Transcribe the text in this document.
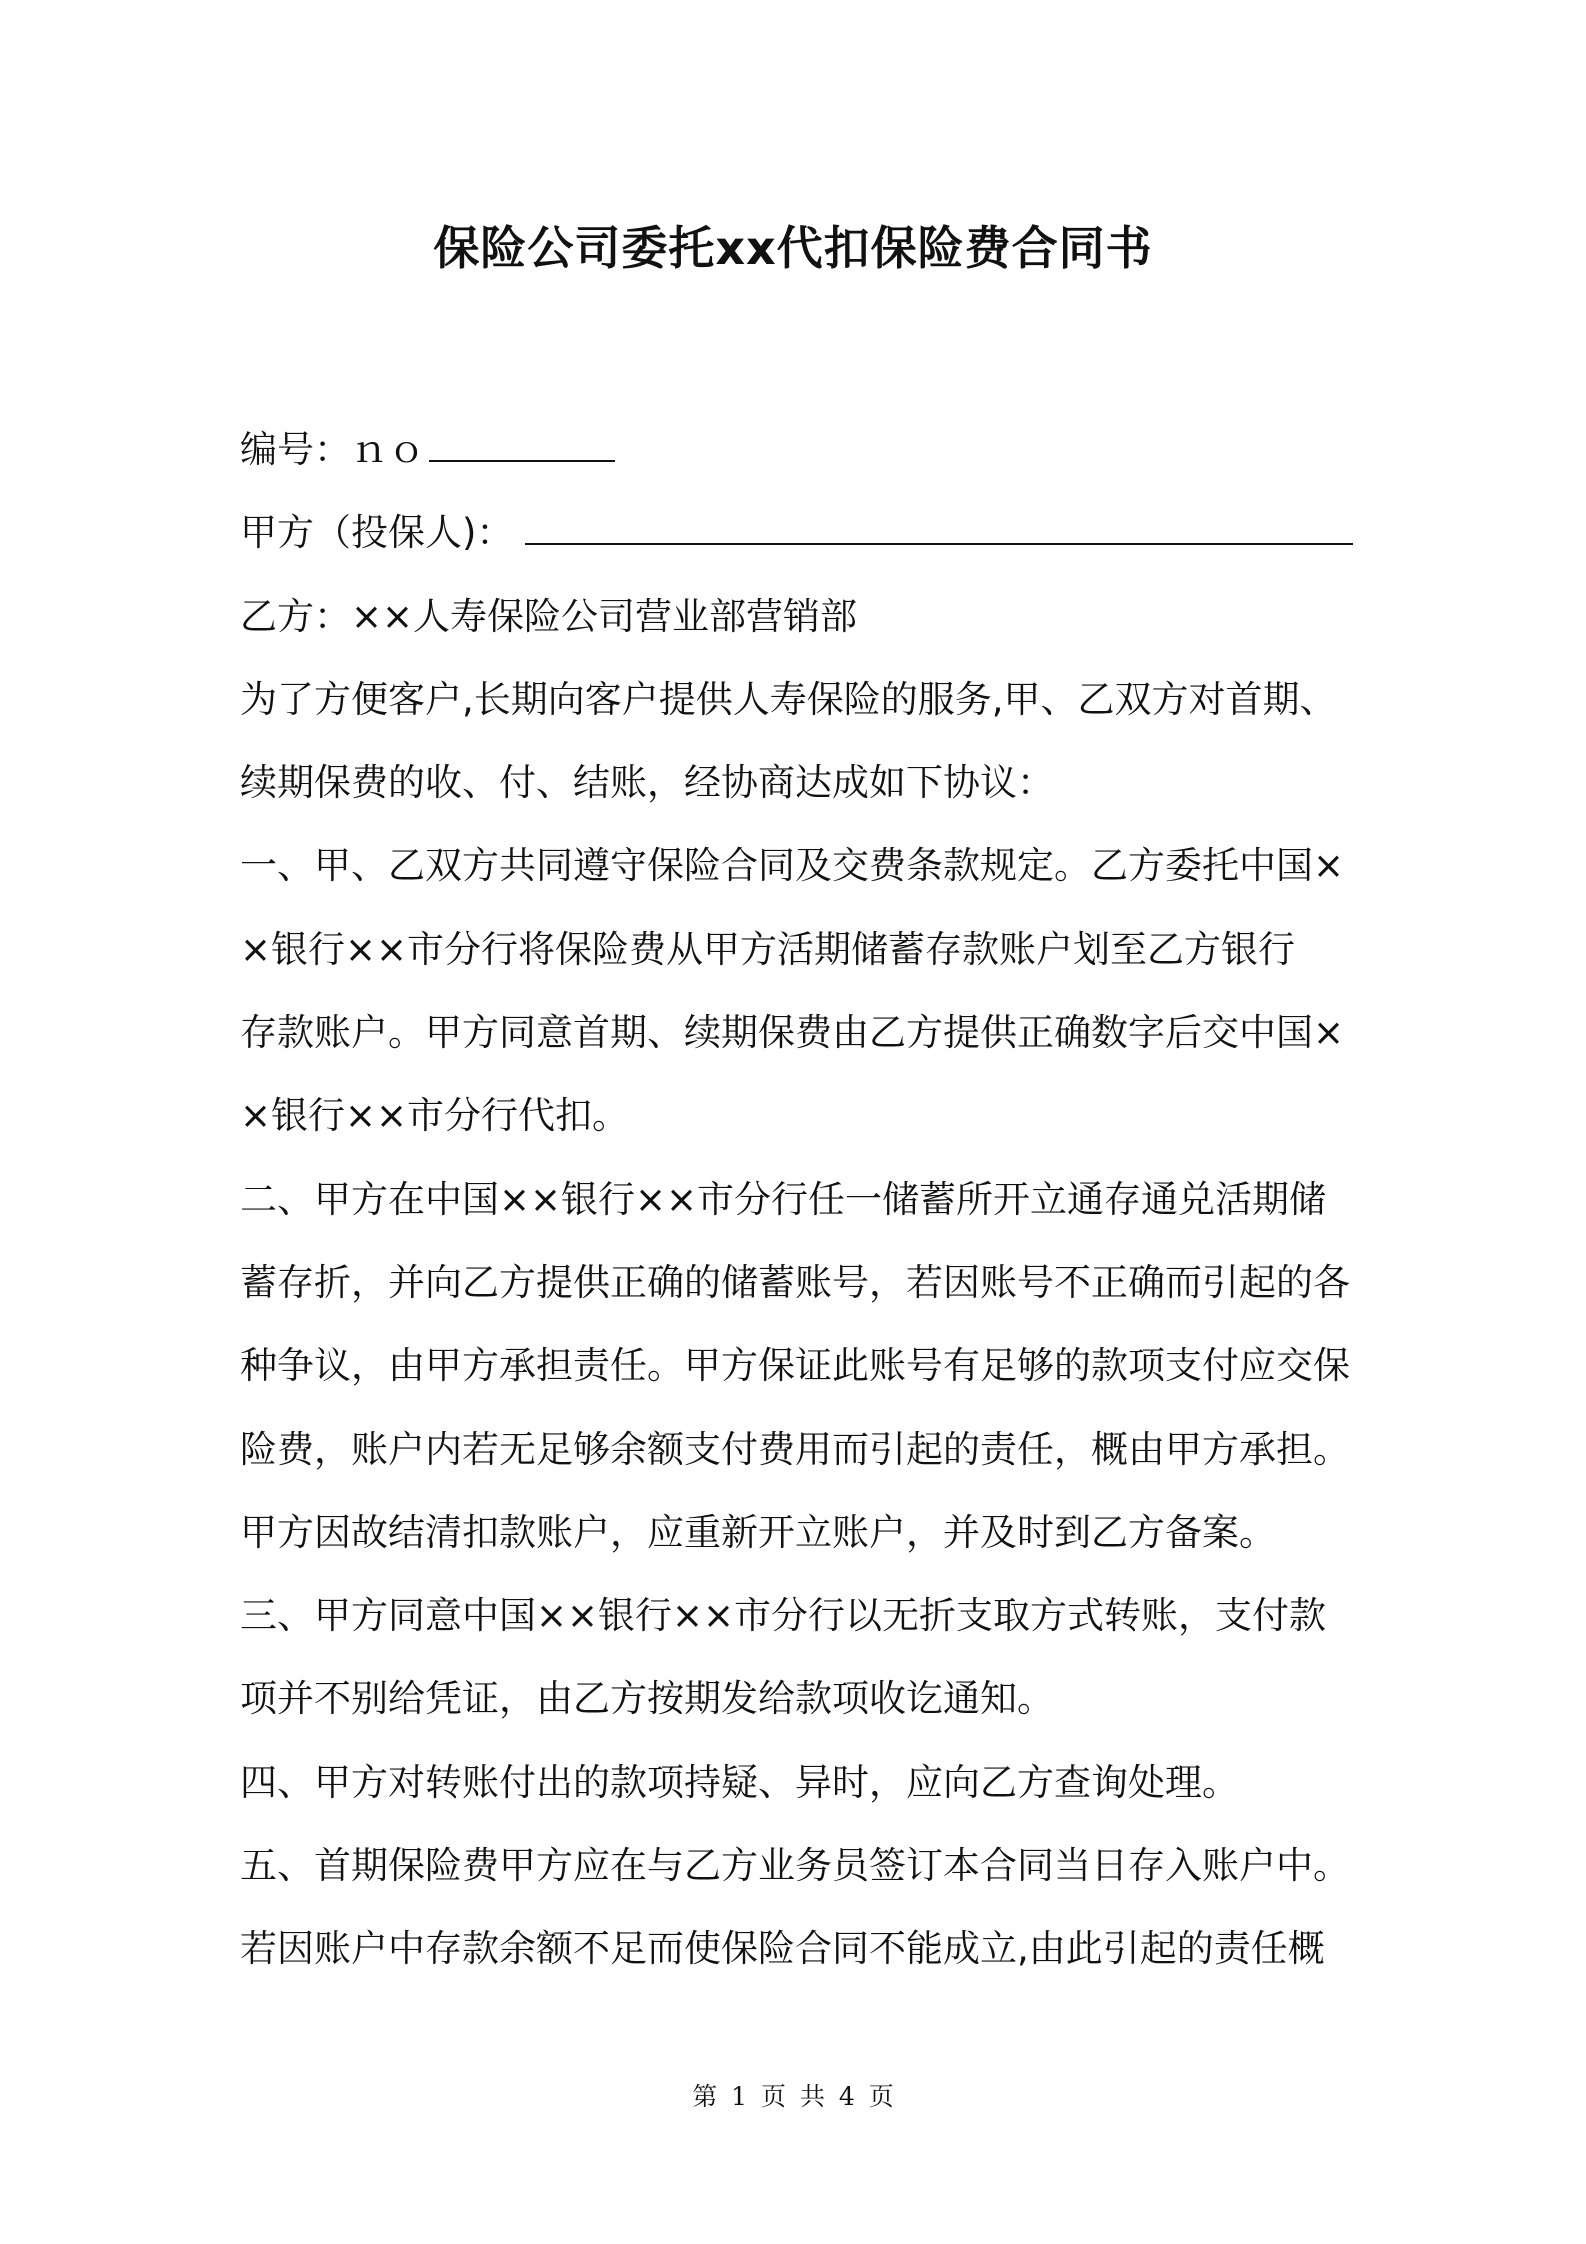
保险公司委托xx代扣保险费合同书
编号：ｎｏ
甲方（投保人)：
乙方：××人寿保险公司营业部营销部
为了方便客户,长期向客户提供人寿保险的服务,甲、乙双方对首期、
续期保费的收、付、结账，经协商达成如下协议：
一、甲、乙双方共同遵守保险合同及交费条款规定。乙方委托中国×
×银行××市分行将保险费从甲方活期储蓄存款账户划至乙方银行
存款账户。甲方同意首期、续期保费由乙方提供正确数字后交中国×
×银行××市分行代扣。
二、甲方在中国××银行××市分行任一储蓄所开立通存通兑活期储
蓄存折，并向乙方提供正确的储蓄账号，若因账号不正确而引起的各
种争议，由甲方承担责任。甲方保证此账号有足够的款项支付应交保
险费，账户内若无足够余额支付费用而引起的责任，概由甲方承担。
甲方因故结清扣款账户，应重新开立账户，并及时到乙方备案。
三、甲方同意中国××银行××市分行以无折支取方式转账，支付款
项并不别给凭证，由乙方按期发给款项收讫通知。
四、甲方对转账付出的款项持疑、异时，应向乙方查询处理。
五、首期保险费甲方应在与乙方业务员签订本合同当日存入账户中。
若因账户中存款余额不足而使保险合同不能成立,由此引起的责任概
第 1 页 共 4 页
